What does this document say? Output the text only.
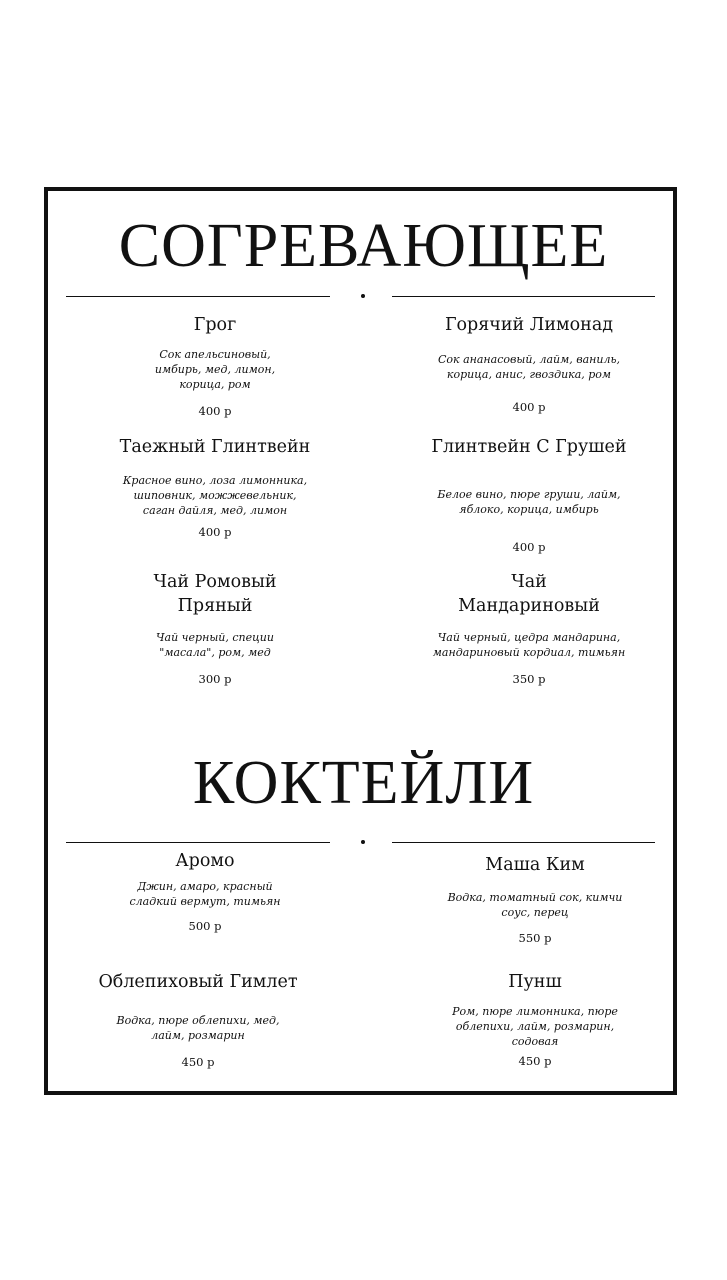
СОГРЕВАЮЩЕЕ
Грог
Сок апельсиновый, имбирь, мед, лимон, корица, ром
400 р
Горячий Лимонад
Сок ананасовый, лайм, ваниль, корица, анис, гвоздика, ром
400 р
Таежный Глинтвейн
Красное вино, лоза лимонника, шиповник, можжевельник, саган дайля, мед, лимон
400 р
Глинтвейн С Грушей
Белое вино, пюре груши, лайм, яблоко, корица, имбирь
400 р
Чай Ромовый Пряный
Чай черный, специи "масала", ром, мед
300 р
Чай Мандариновый
Чай черный, цедра мандарина, мандариновый кордиал, тимьян
350 р
КОКТЕЙЛИ
Аромо
Джин, амаро, красный сладкий вермут, тимьян
500 р
Маша Ким
Водка, томатный сок, кимчи соус, перец
550 р
Облепиховый Гимлет
Водка, пюре облепихи, мед, лайм, розмарин
450 р
Пунш
Ром, пюре лимонника, пюре облепихи, лайм, розмарин, содовая
450 р
